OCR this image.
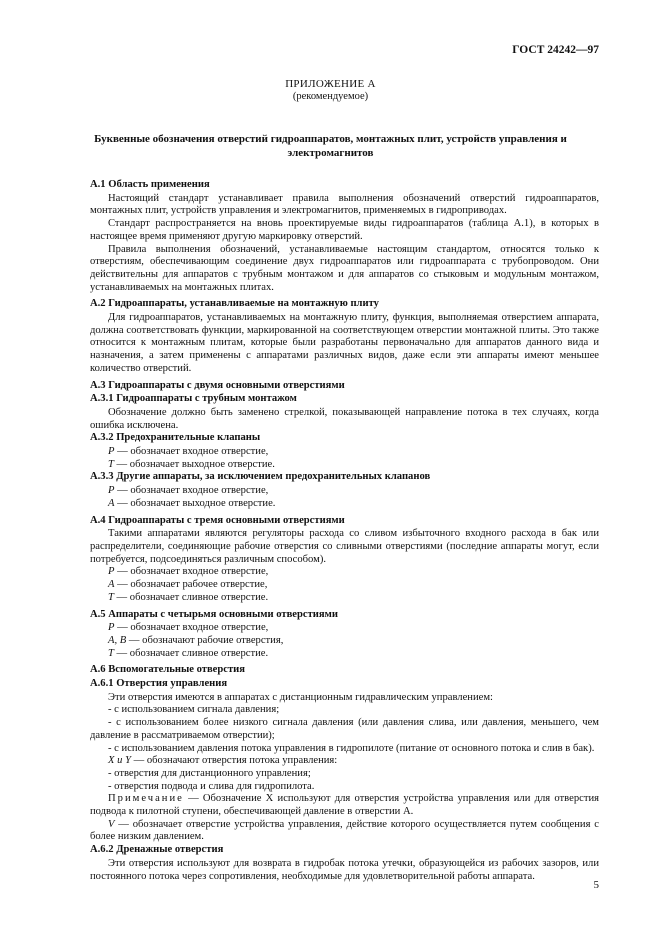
ГОСТ 24242—97
ПРИЛОЖЕНИЕ А
(рекомендуемое)
Буквенные обозначения отверстий гидроаппаратов, монтажных плит, устройств управления и электромагнитов
А.1 Область применения

Настоящий стандарт устанавливает правила выполнения обозначений отверстий гидроаппаратов, монтажных плит, устройств управления и электромагнитов, применяемых в гидроприводах.

Стандарт распространяется на вновь проектируемые виды гидроаппаратов (таблица А.1), в которых в настоящее время применяют другую маркировку отверстий.

Правила выполнения обозначений, устанавливаемые настоящим стандартом, относятся только к отверстиям, обеспечивающим соединение двух гидроаппаратов или гидроаппарата с трубопроводом. Они действительны для аппаратов с трубным монтажом и для аппаратов со стыковым и модульным монтажом, устанавливаемых на монтажных плитах.

А.2 Гидроаппараты, устанавливаемые на монтажную плиту

Для гидроаппаратов, устанавливаемых на монтажную плиту, функция, выполняемая отверстием аппарата, должна соответствовать функции, маркированной на соответствующем отверстии монтажной плиты. Это также относится к монтажным плитам, которые были разработаны первоначально для аппаратов данного вида и назначения, а затем применены с аппаратами различных видов, даже если эти аппараты имеют меньшее количество отверстий.

А.3 Гидроаппараты с двумя основными отверстиями
А.3.1 Гидроаппараты с трубным монтажом

Обозначение должно быть заменено стрелкой, показывающей направление потока в тех случаях, когда ошибка исключена.

А.3.2 Предохранительные клапаны
P — обозначает входное отверстие,
T — обозначает выходное отверстие.
А.3.3 Другие аппараты, за исключением предохранительных клапанов
P — обозначает входное отверстие,
A — обозначает выходное отверстие.
А.4 Гидроаппараты с тремя основными отверстиями

Такими аппаратами являются регуляторы расхода со сливом избыточного входного расхода в бак или распределители, соединяющие рабочие отверстия со сливными отверстиями (последние аппараты могут, если потребуется, подсоединяться различным способом).

P — обозначает входное отверстие,
A — обозначает рабочее отверстие,
T — обозначает сливное отверстие.
А.5 Аппараты с четырьмя основными отверстиями
P — обозначает входное отверстие,
A, B — обозначают рабочие отверстия,
T — обозначает сливное отверстие.
А.6 Вспомогательные отверстия
А.6.1 Отверстия управления

Эти отверстия имеются в аппаратах с дистанционным гидравлическим управлением:

- с использованием сигнала давления;

- с использованием более низкого сигнала давления (или давления слива, или давления, меньшего, чем давление в рассматриваемом отверстии);

- с использованием давления потока управления в гидропилоте (питание от основного потока и слив в бак).

X и Y — обозначают отверстия потока управления:

- отверстия для дистанционного управления;

- отверстия подвода и слива для гидропилота.

Примечание — Обозначение X используют для отверстия устройства управления или для отверстия подвода к пилотной ступени, обеспечивающей давление в отверстии A.

V — обозначает отверстие устройства управления, действие которого осуществляется путем сообщения с более низким давлением.

А.6.2 Дренажные отверстия

Эти отверстия используют для возврата в гидробак потока утечки, образующейся из рабочих зазоров, или постоянного потока через сопротивления, необходимые для удовлетворительной работы аппарата.

5
